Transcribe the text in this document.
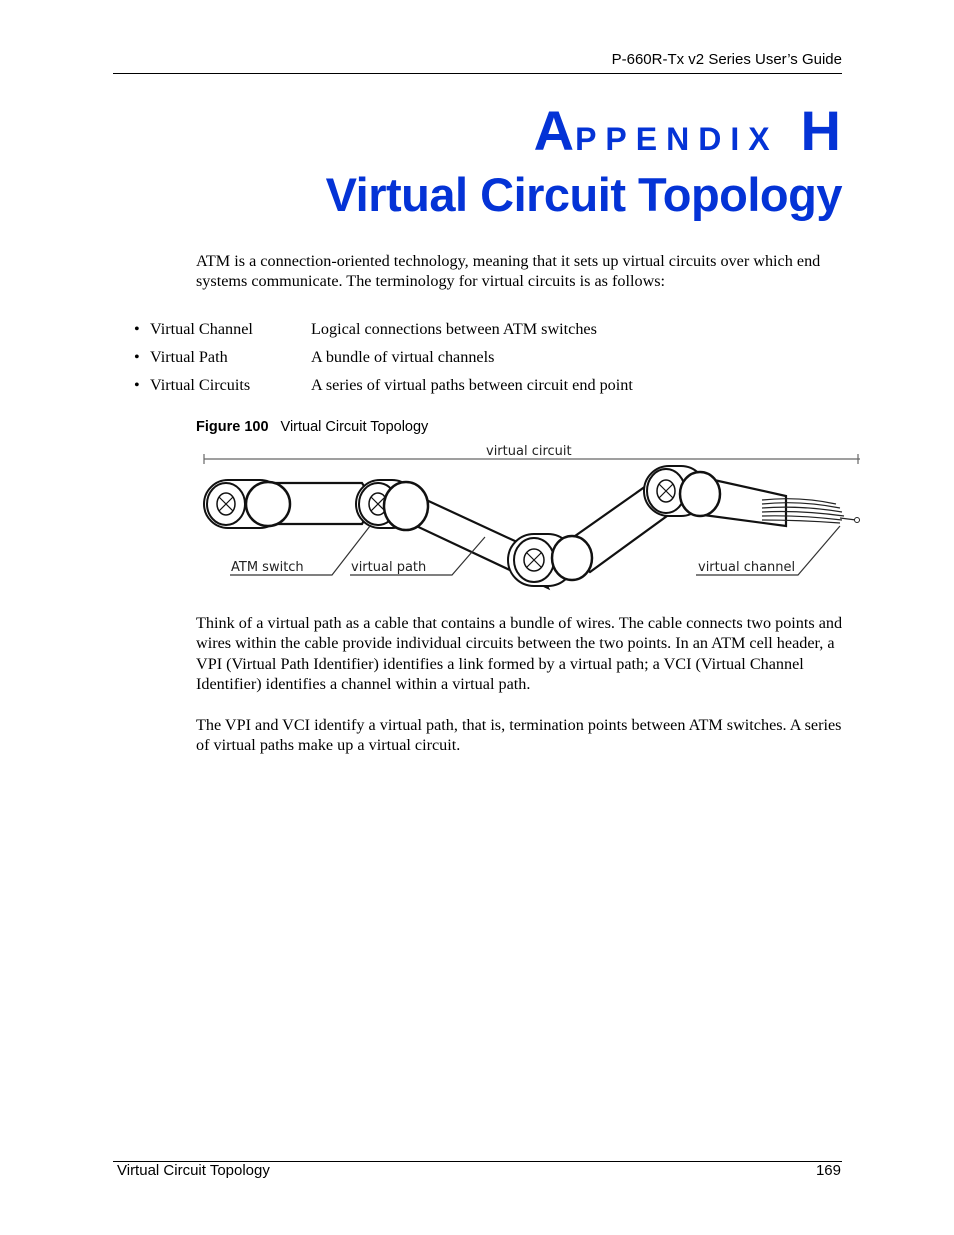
P-660R-Tx v2 Series User’s Guide
APPENDIX H
Virtual Circuit Topology
ATM is a connection-oriented technology, meaning that it sets up virtual circuits over which end systems communicate. The terminology for virtual circuits is as follows:
• Virtual Channel	Logical connections between ATM switches
• Virtual Path	A bundle of virtual channels
• Virtual Circuits	A series of virtual paths between circuit end point
Figure 100 Virtual Circuit Topology
virtual circuit
ATM switch	virtual path	virtual channel
Think of a virtual path as a cable that contains a bundle of wires. The cable connects two points and wires within the cable provide individual circuits between the two points. In an ATM cell header, a VPI (Virtual Path Identifier) identifies a link formed by a virtual path; a VCI (Virtual Channel Identifier) identifies a channel within a virtual path.
The VPI and VCI identify a virtual path, that is, termination points between ATM switches. A series of virtual paths make up a virtual circuit.
Virtual Circuit Topology	169
